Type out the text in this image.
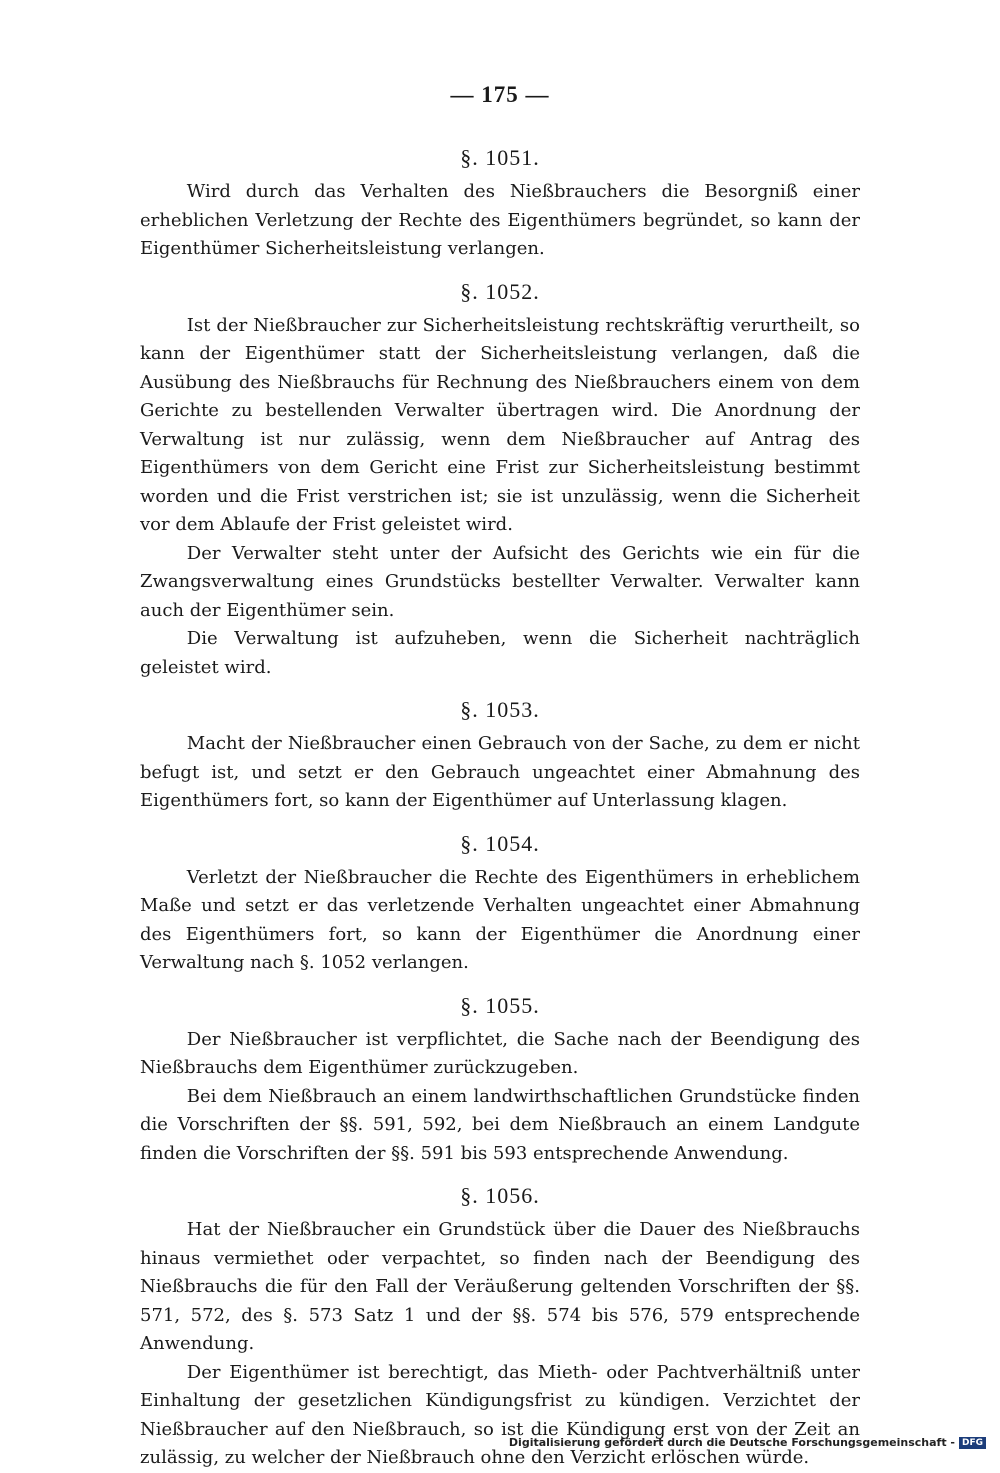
— 175 —
§. 1051.

Wird durch das Verhalten des Nießbrauchers die Besorgniß einer erheblichen Verletzung der Rechte des Eigenthümers begründet, so kann der Eigenthümer Sicherheitsleistung verlangen.

§. 1052.

Ist der Nießbraucher zur Sicherheitsleistung rechtskräftig verurtheilt, so kann der Eigenthümer statt der Sicherheitsleistung verlangen, daß die Ausübung des Nießbrauchs für Rechnung des Nießbrauchers einem von dem Gerichte zu bestellenden Verwalter übertragen wird. Die Anordnung der Verwaltung ist nur zulässig, wenn dem Nießbraucher auf Antrag des Eigenthümers von dem Gericht eine Frist zur Sicherheitsleistung bestimmt worden und die Frist verstrichen ist; sie ist unzulässig, wenn die Sicherheit vor dem Ablaufe der Frist geleistet wird.

Der Verwalter steht unter der Aufsicht des Gerichts wie ein für die Zwangsverwaltung eines Grundstücks bestellter Verwalter. Verwalter kann auch der Eigenthümer sein.

Die Verwaltung ist aufzuheben, wenn die Sicherheit nachträglich geleistet wird.

§. 1053.

Macht der Nießbraucher einen Gebrauch von der Sache, zu dem er nicht befugt ist, und setzt er den Gebrauch ungeachtet einer Abmahnung des Eigenthümers fort, so kann der Eigenthümer auf Unterlassung klagen.

§. 1054.

Verletzt der Nießbraucher die Rechte des Eigenthümers in erheblichem Maße und setzt er das verletzende Verhalten ungeachtet einer Abmahnung des Eigenthümers fort, so kann der Eigenthümer die Anordnung einer Verwaltung nach §. 1052 verlangen.

§. 1055.

Der Nießbraucher ist verpflichtet, die Sache nach der Beendigung des Nießbrauchs dem Eigenthümer zurückzugeben.

Bei dem Nießbrauch an einem landwirthschaftlichen Grundstücke finden die Vorschriften der §§. 591, 592, bei dem Nießbrauch an einem Landgute finden die Vorschriften der §§. 591 bis 593 entsprechende Anwendung.

§. 1056.

Hat der Nießbraucher ein Grundstück über die Dauer des Nießbrauchs hinaus vermiethet oder verpachtet, so finden nach der Beendigung des Nießbrauchs die für den Fall der Veräußerung geltenden Vorschriften der §§. 571, 572, des §. 573 Satz 1 und der §§. 574 bis 576, 579 entsprechende Anwendung.

Der Eigenthümer ist berechtigt, das Mieth- oder Pachtverhältniß unter Einhaltung der gesetzlichen Kündigungsfrist zu kündigen. Verzichtet der Nießbraucher auf den Nießbrauch, so ist die Kündigung erst von der Zeit an zulässig, zu welcher der Nießbrauch ohne den Verzicht erlöschen würde.

Digitalisierung gefördert durch die Deutsche Forschungsgemeinschaft - DFG
